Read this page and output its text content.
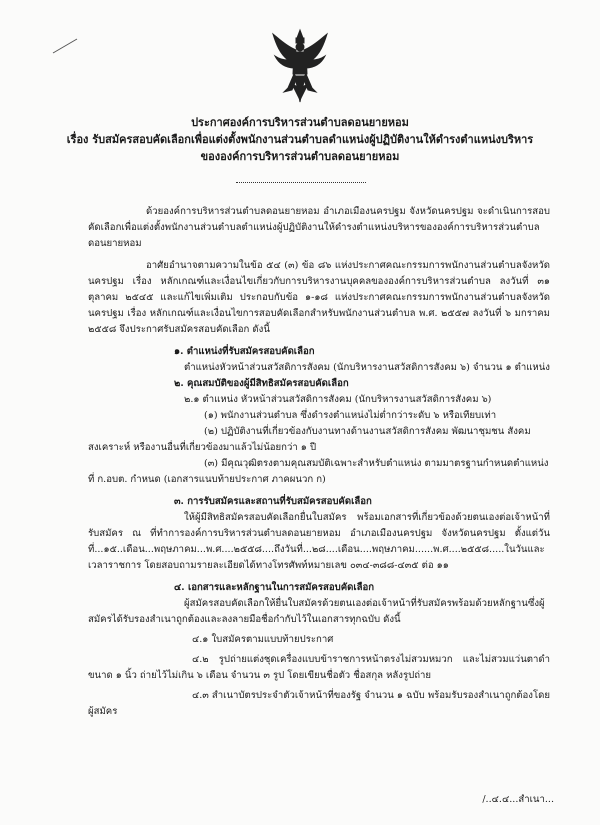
ประกาศองค์การบริหารส่วนตำบลดอนยายหอม
เรื่อง รับสมัครสอบคัดเลือกเพื่อแต่งตั้งพนักงานส่วนตำบลดำแหน่งผู้ปฏิบัติงานให้ดำรงตำแหน่งบริหาร
ขององค์การบริหารส่วนตำบลดอนยายหอม

ด้วยองค์การบริหารส่วนตำบลดอนยายหอม อำเภอเมืองนครปฐม จังหวัดนครปฐม จะดำเนินการสอบคัดเลือกเพื่อแต่งตั้งพนักงานส่วนตำบลตำแหน่งผู้ปฏิบัติงานให้ดำรงตำแหน่งบริหารขององค์การบริหารส่วนตำบลดอนยายหอม

อาศัยอำนาจตามความในข้อ ๕๔ (๓) ข้อ ๘๖ แห่งประกาศคณะกรรมการพนักงานส่วนตำบลจังหวัดนครปฐม เรื่อง หลักเกณฑ์และเงื่อนไขเกี่ยวกับการบริหารงานบุคคลขององค์การบริหารส่วนตำบล ลงวันที่ ๓๑ ตุลาคม ๒๕๔๕ และแก้ไขเพิ่มเติม ประกอบกับข้อ ๑-๑๘ แห่งประกาศคณะกรรมการพนักงานส่วนตำบลจังหวัดนครปฐม เรื่อง หลักเกณฑ์และเงื่อนไขการสอบคัดเลือกสำหรับพนักงานส่วนตำบล พ.ศ. ๒๕๕๗ ลงวันที่ ๖ มกราคม ๒๕๕๘ จึงประกาศรับสมัครสอบคัดเลือก ดังนี้

๑. ตำแหน่งที่รับสมัครสอบคัดเลือก
ตำแหน่งหัวหน้าส่วนสวัสดิการสังคม (นักบริหารงานสวัสดิการสังคม ๖) จำนวน ๑ ตำแหน่ง
๒. คุณสมบัติของผู้มีสิทธิสมัครสอบคัดเลือก
๒.๑ ตำแหน่ง หัวหน้าส่วนสวัสดิการสังคม (นักบริหารงานสวัสดิการสังคม ๖)
(๑) พนักงานส่วนตำบล ซึ่งดำรงตำแหน่งไม่ต่ำกว่าระดับ ๖ หรือเทียบเท่า
(๒) ปฏิบัติงานที่เกี่ยวข้องกับงานทางด้านงานสวัสดิการสังคม พัฒนาชุมชน สังคม
สงเคราะห์ หรืองานอื่นที่เกี่ยวข้องมาแล้วไม่น้อยกว่า ๑ ปี
(๓) มีคุณวุฒิตรงตามคุณสมบัติเฉพาะสำหรับตำแหน่ง ตามมาตรฐานกำหนดตำแหน่ง
ที่ ก.อบต. กำหนด (เอกสารแนบท้ายประกาศ ภาคผนวก ก)
๓. การรับสมัครและสถานที่รับสมัครสอบคัดเลือก

ให้ผู้มีสิทธิสมัครสอบคัดเลือกยื่นใบสมัคร พร้อมเอกสารที่เกี่ยวข้องด้วยตนเองต่อเจ้าหน้าที่รับสมัคร ณ ที่ทำการองค์การบริหารส่วนตำบลดอนยายหอม อำเภอเมืองนครปฐม จังหวัดนครปฐม ตั้งแต่วันที่...๑๕..เดือน...พฤษภาคม...พ.ศ....๒๕๕๘....ถึงวันที่...๒๘....เดือน....พฤษภาคม......พ.ศ....๒๕๕๘.....ในวันและเวลาราชการ โดยสอบถามรายละเอียดได้ทางโทรศัพท์หมายเลข ๐๓๔-๓๘๘-๔๓๕ ต่อ ๑๑

๔. เอกสารและหลักฐานในการสมัครสอบคัดเลือก

ผู้สมัครสอบคัดเลือกให้ยื่นใบสมัครด้วยตนเองต่อเจ้าหน้าที่รับสมัครพร้อมด้วยหลักฐานซึ่งผู้สมัครได้รับรองสำเนาถูกต้องและลงลายมือชื่อกำกับไว้ในเอกสารทุกฉบับ ดังนี้

๔.๑ ใบสมัครตามแบบท้ายประกาศ

๔.๒ รูปถ่ายแต่งชุดเครื่องแบบข้าราชการหน้าตรงไม่สวมหมวก และไม่สวมแว่นตาดำ ขนาด ๑ นิ้ว ถ่ายไว้ไม่เกิน ๖ เดือน จำนวน ๓ รูป โดยเขียนชื่อตัว ชื่อสกุล หลังรูปถ่าย

๔.๓ สำเนาบัตรประจำตัวเจ้าหน้าที่ของรัฐ จำนวน ๑ ฉบับ พร้อมรับรองสำเนาถูกต้องโดยผู้สมัคร

/..๔.๔...สำเนา...
